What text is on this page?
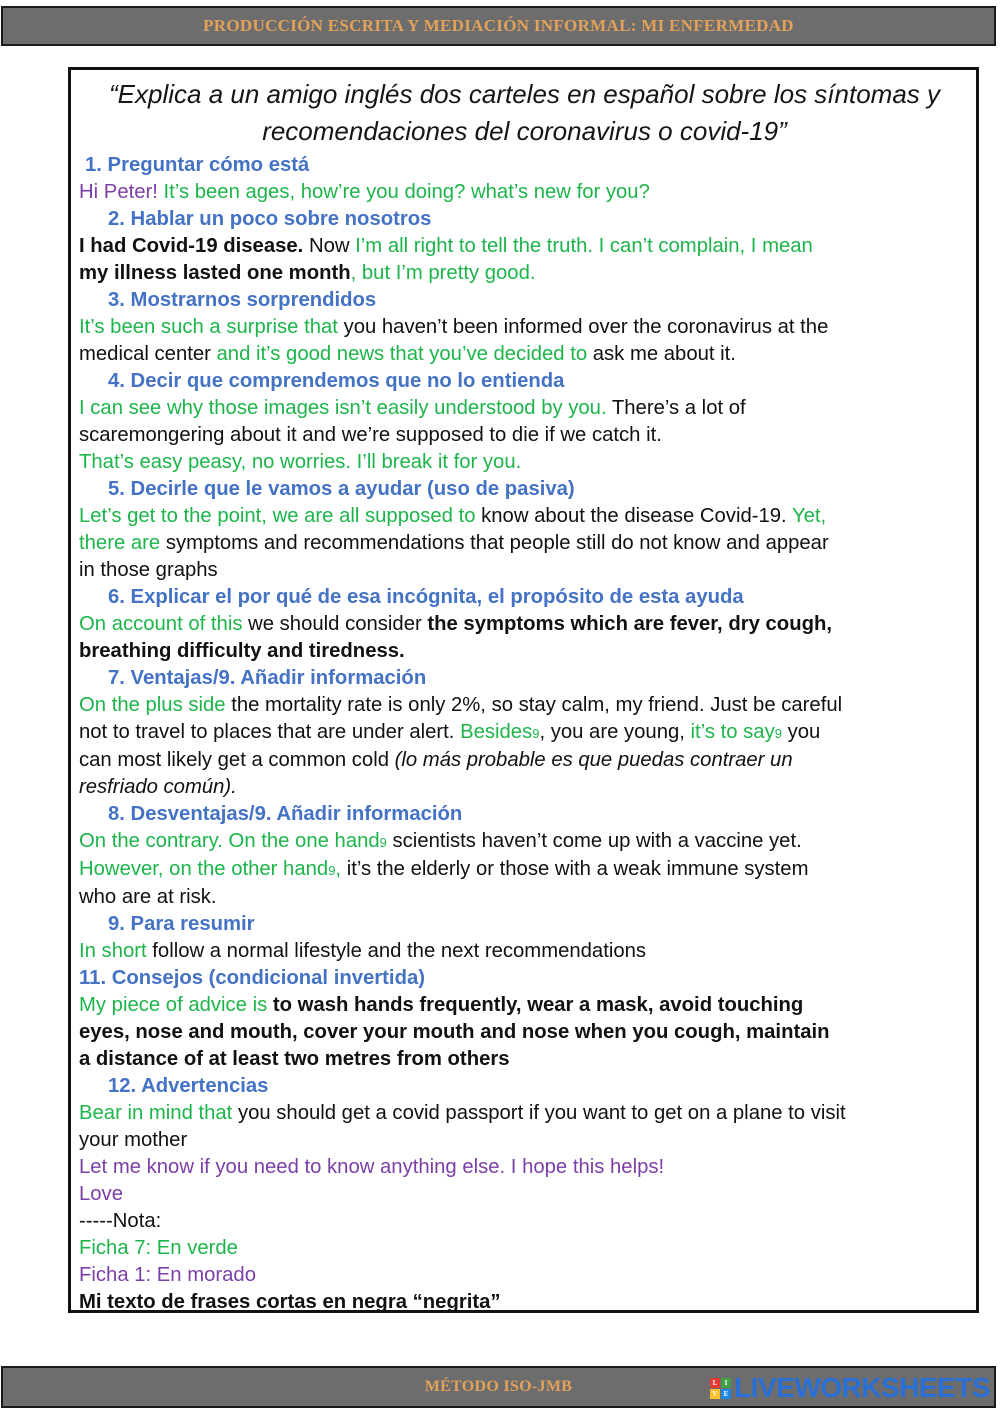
PRODUCCIÓN ESCRITA Y MEDIACIÓN INFORMAL: MI ENFERMEDAD

“Explica a un amigo inglés dos carteles en español sobre los síntomas y
recomendaciones del coronavirus o covid-19”

1. Preguntar cómo está

Hi Peter! It’s been ages, how’re you doing? what’s new for you?

2. Hablar un poco sobre nosotros

I had Covid-19 disease. Now I’m all right to tell the truth. I can’t complain, I mean

my illness lasted one month, but I’m pretty good.

3. Mostrarnos sorprendidos

It’s been such a surprise that you haven’t been informed over the coronavirus at the

medical center and it’s good news that you’ve decided to ask me about it.

4. Decir que comprendemos que no lo entienda

I can see why those images isn’t easily understood by you. There’s a lot of

scaremongering about it and we’re supposed to die if we catch it.

That’s easy peasy, no worries. I’ll break it for you.

5. Decirle que le vamos a ayudar (uso de pasiva)

Let’s get to the point, we are all supposed to know about the disease Covid-19. Yet,

there are symptoms and recommendations that people still do not know and appear

in those graphs

6. Explicar el por qué de esa incógnita, el propósito de esta ayuda

On account of this we should consider the symptoms which are fever, dry cough,

breathing difficulty and tiredness.

7. Ventajas/9. Añadir información

On the plus side the mortality rate is only 2%, so stay calm, my friend. Just be careful

not to travel to places that are under alert. Besides9, you are young, it’s to say9 you

can most likely get a common cold (lo más probable es que puedas contraer un

resfriado común).

8. Desventajas/9. Añadir información

On the contrary. On the one hand9 scientists haven’t come up with a vaccine yet.

However, on the other hand9, it’s the elderly or those with a weak immune system

who are at risk.

9. Para resumir

In short follow a normal lifestyle and the next recommendations

11. Consejos (condicional invertida)

My piece of advice is to wash hands frequently, wear a mask, avoid touching

eyes, nose and mouth, cover your mouth and nose when you cough, maintain

a distance of at least two metres from others

12. Advertencias

Bear in mind that you should get a covid passport if you want to get on a plane to visit

your mother

Let me know if you need to know anything else. I hope this helps!

Love

-----Nota:

Ficha 7: En verde

Ficha 1: En morado

Mi texto de frases cortas en negra “negrita”

MÉTODO ISO-JMB	L	I
V E LIVEWORKSHEETS
